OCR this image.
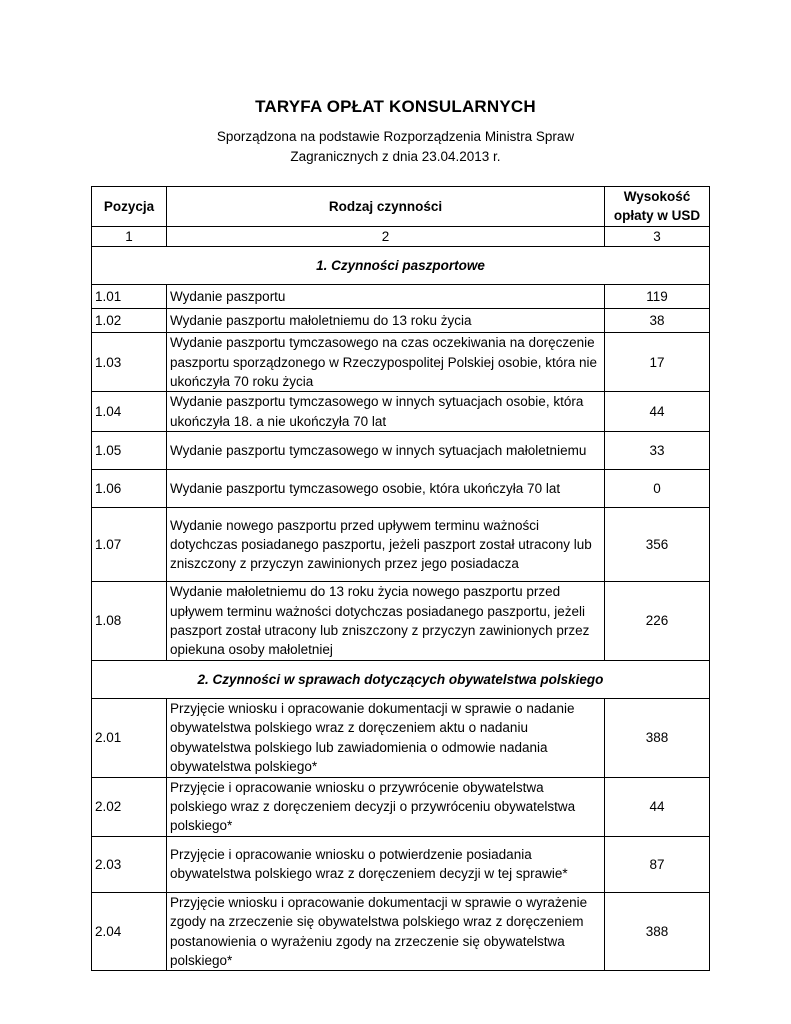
TARYFA OPŁAT KONSULARNYCH
Sporządzona na podstawie Rozporządzenia Ministra Spraw
Zagranicznych z dnia 23.04.2013 r.
Pozycja	Rodzaj czynności	Wysokość
opłaty w USD

1	2	3
1. Czynności paszportowe		
1.01	Wydanie paszportu	119
1.02	Wydanie paszportu małoletniemu do 13 roku życia	38
1.03	Wydanie paszportu tymczasowego na czas oczekiwania na doręczenie paszportu sporządzonego w Rzeczypospolitej Polskiej osobie, która nie ukończyła 70 roku życia	17
1.04	Wydanie paszportu tymczasowego w innych sytuacjach osobie, która ukończyła 18. a nie ukończyła 70 lat	44
1.05	Wydanie paszportu tymczasowego w innych sytuacjach małoletniemu	33
1.06	Wydanie paszportu tymczasowego osobie, która ukończyła 70 lat	0
1.07	Wydanie nowego paszportu przed upływem terminu ważności dotychczas posiadanego paszportu, jeżeli paszport został utracony lub zniszczony z przyczyn zawinionych przez jego posiadacza	356
1.08	Wydanie małoletniemu do 13 roku życia nowego paszportu przed upływem terminu ważności dotychczas posiadanego paszportu, jeżeli paszport został utracony lub zniszczony z przyczyn zawinionych przez opiekuna osoby małoletniej	226
2. Czynności w sprawach dotyczących obywatelstwa polskiego		
2.01	Przyjęcie wniosku i opracowanie dokumentacji w sprawie o nadanie obywatelstwa polskiego wraz z doręczeniem aktu o nadaniu obywatelstwa polskiego lub zawiadomienia o odmowie nadania obywatelstwa polskiego*	388
2.02	Przyjęcie i opracowanie wniosku o przywrócenie obywatelstwa polskiego wraz z doręczeniem decyzji o przywróceniu obywatelstwa polskiego*	44
2.03	Przyjęcie i opracowanie wniosku o potwierdzenie posiadania obywatelstwa polskiego wraz z doręczeniem decyzji w tej sprawie*	87
2.04	Przyjęcie wniosku i opracowanie dokumentacji w sprawie o wyrażenie zgody na zrzeczenie się obywatelstwa polskiego wraz z doręczeniem postanowienia o wyrażeniu zgody na zrzeczenie się obywatelstwa polskiego*	388
